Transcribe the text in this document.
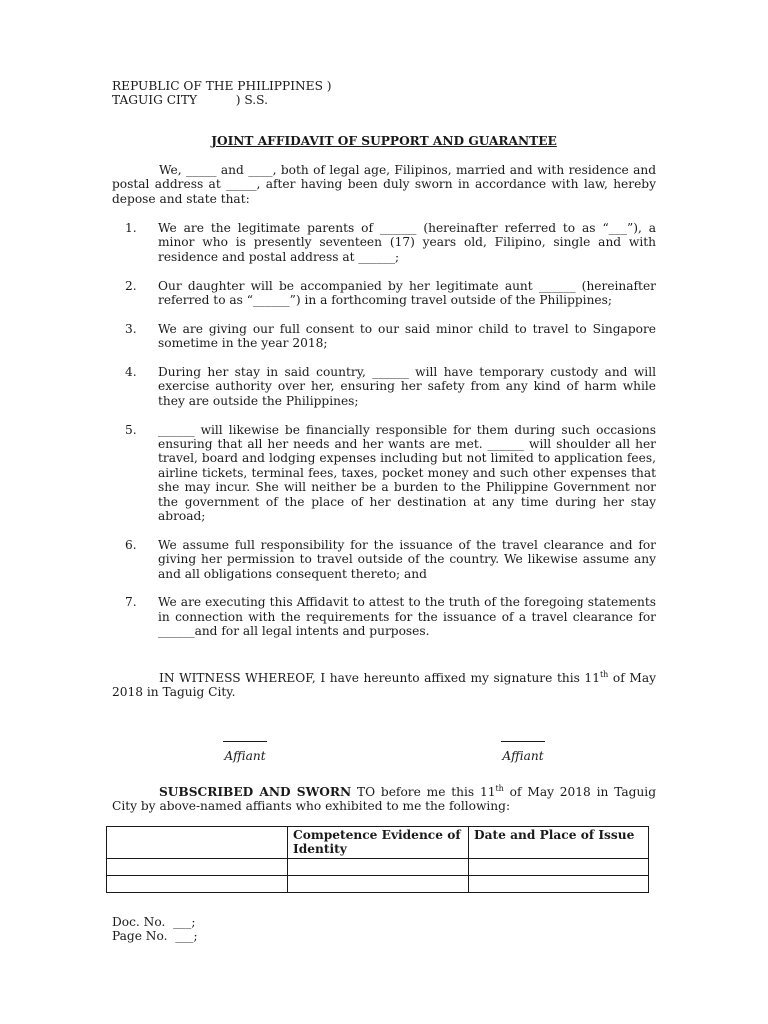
REPUBLIC OF THE PHILIPPINES )
TAGUIG CITY          ) S.S.
JOINT AFFIDAVIT OF SUPPORT AND GUARANTEE
We, _____ and ____, both of legal age, Filipinos, married and with residence and postal address at _____, after having been duly sworn in accordance with law, hereby depose and state that:
1.	We are the legitimate parents of ______ (hereinafter referred to as “___”), a minor who is presently seventeen (17) years old, Filipino, single and with residence and postal address at ______;
2.	Our daughter will be accompanied by her legitimate aunt ______ (hereinafter referred to as “______”) in a forthcoming travel outside of the Philippines;
3.	We are giving our full consent to our said minor child to travel to Singapore sometime in the year 2018;
4.	During her stay in said country, ______ will have temporary custody and will exercise authority over her, ensuring her safety from any kind of harm while they are outside the Philippines;
5.	______ will likewise be financially responsible for them during such occasions ensuring that all her needs and her wants are met. ______ will shoulder all her travel, board and lodging expenses including but not limited to application fees, airline tickets, terminal fees, taxes, pocket money and such other expenses that she may incur. She will neither be a burden to the Philippine Government nor the government of the place of her destination at any time during her stay abroad;
6.	We assume full responsibility for the issuance of the travel clearance and for giving her permission to travel outside of the country. We likewise assume any and all obligations consequent thereto; and
7.	We are executing this Affidavit to attest to the truth of the foregoing statements in connection with the requirements for the issuance of a travel clearance for ______and for all legal intents and purposes.
IN WITNESS WHEREOF, I have hereunto affixed my signature this 11th of May 2018 in Taguig City.
Affiant	Affiant
SUBSCRIBED AND SWORN TO before me this 11th of May 2018 in Taguig City by above-named affiants who exhibited to me the following:
	Competence Evidence of Identity	Date and Place of Issue

Doc. No.  ___;
Page No.  ___;
